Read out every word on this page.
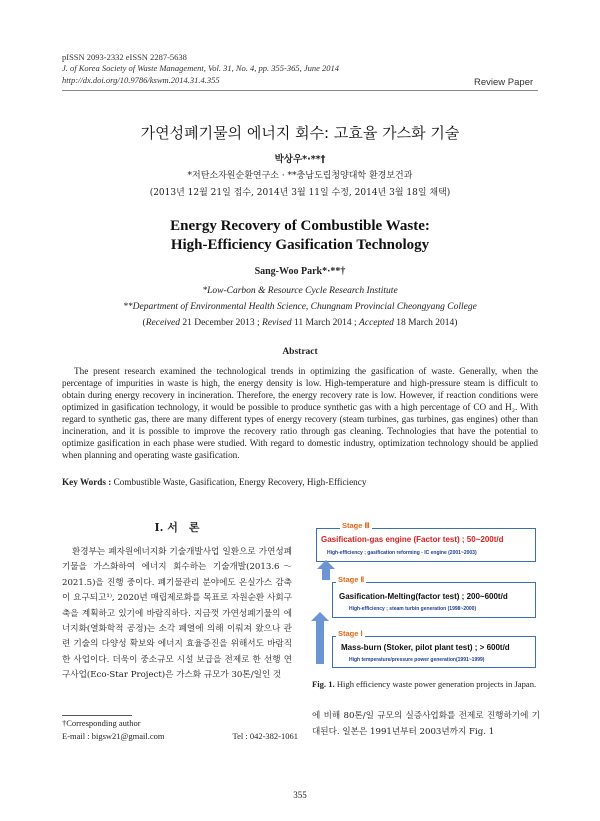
pISSN 2093-2332 eISSN 2287-5638
J. of Korea Society of Waste Management, Vol. 31, No. 4, pp. 355-365, June 2014
http://dx.doi.org/10.9786/kswm.2014.31.4.355	Review Paper
가연성폐기물의 에너지 회수: 고효율 가스화 기술
박상우*·**†
*저탄소자원순환연구소 · **충남도립청양대학 환경보건과
(2013년 12월 21일 접수, 2014년 3월 11일 수정, 2014년 3월 18일 채택)
Energy Recovery of Combustible Waste:
High-Efficiency Gasification Technology
Sang-Woo Park*·**†
*Low-Carbon & Resource Cycle Research Institute
**Department of Environmental Health Science, Chungnam Provincial Cheongyang College
(Received 21 December 2013 ; Revised 11 March 2014 ; Accepted 18 March 2014)
Abstract
The present research examined the technological trends in optimizing the gasification of waste. Generally, when the percentage of impurities in waste is high, the energy density is low. High-temperature and high-pressure steam is difficult to obtain during energy recovery in incineration. Therefore, the energy recovery rate is low. However, if reaction conditions were optimized in gasification technology, it would be possible to produce synthetic gas with a high percentage of CO and H₂. With regard to synthetic gas, there are many different types of energy recovery (steam turbines, gas turbines, gas engines) other than incineration, and it is possible to improve the recovery ratio through gas cleaning. Technologies that have the potential to optimize gasification in each phase were studied. With regard to domestic industry, optimization technology should be applied when planning and operating waste gasification.
Key Words : Combustible Waste, Gasification, Energy Recovery, High-Efficiency
I. 서　론
환경부는 폐자원에너지화 기술개발사업 일환으로 가연성폐기물을 가스화하여 에너지 회수하는 기술개발(2013.6～2021.5)을 진행 중이다. 폐기물관리 분야에도 온실가스 감축이 요구되고¹⁾, 2020년 매립제로화를 목표로 자원순환 사회구축을 계획하고 있기에 바람직하다. 지금껏 가연성폐기물의 에너지화(열화학적 공정)는 소각 폐열에 의해 이뤄져 왔으나 관련 기술의 다양성 확보와 에너지 효율증진을 위해서도 바람직한 사업이다. 더욱이 중소규모 시설 보급을 전제로 한 선행 연구사업(Eco-Star Project)은 가스화 규모가 30톤/일인 것
†Corresponding author
E-mail : bigsw21@gmail.com	Tel : 042-382-1061
Gasification-gas engine (Factor test) ; 50~200t/d
High-efficiency ; gasification reforming - IC engine (2001~2003)
Stage Ⅲ
Gasification-Melting(factor test) ; 200~600t/d
High-efficiency ; steam turbin generation (1998~2000)
Stage Ⅱ
Mass-burn (Stoker, pilot plant test) ; > 600t/d
High temperature/pressure power generation(1991~1999)
Stage Ⅰ
Fig. 1. High efficiency waste power generation projects in Japan.
에 비해 80톤/일 규모의 실증사업화를 전제로 진행하기에 기대된다. 일본은 1991년부터 2003년까지 Fig. 1
355
